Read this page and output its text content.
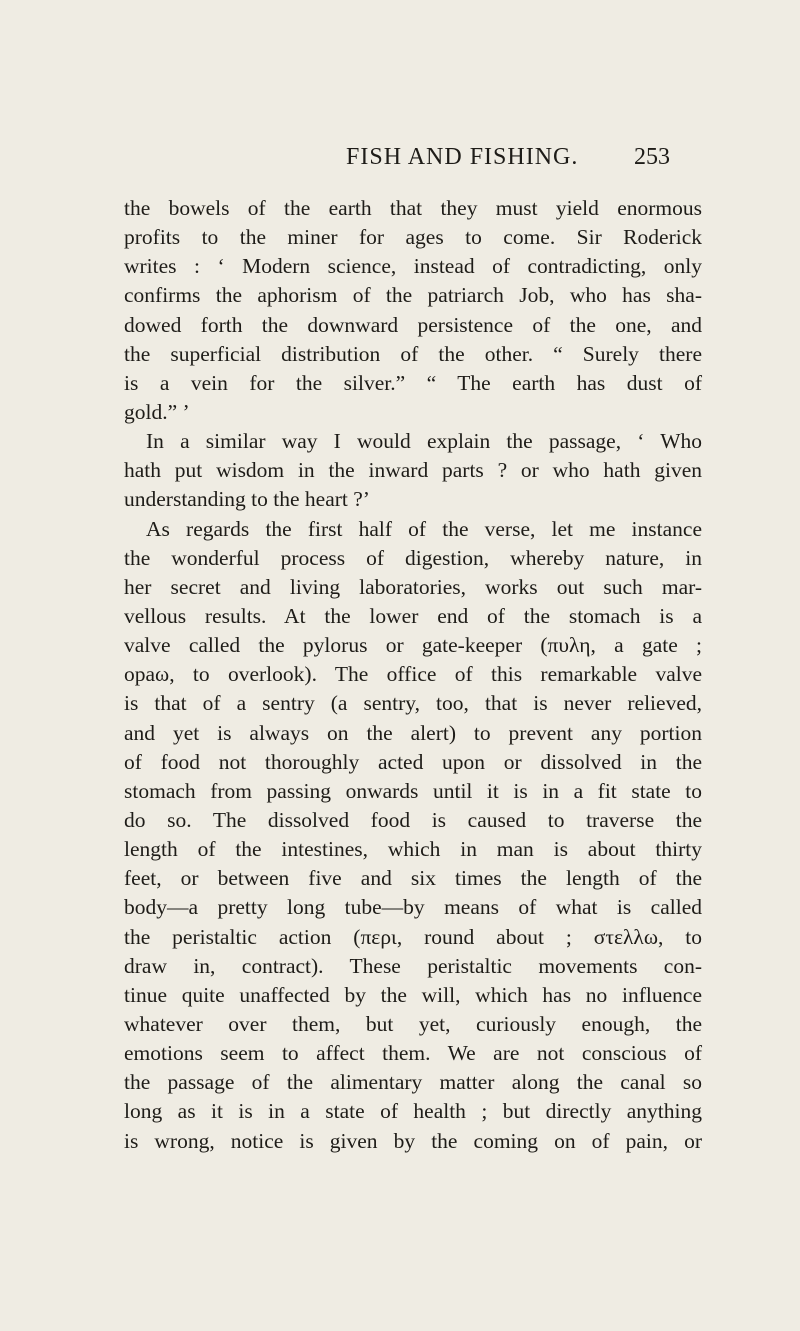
FISH AND FISHING. 253
the bowels of the earth that they must yield enormous
profits to the miner for ages to come. Sir Roderick
writes : ‘ Modern science, instead of contradicting, only
confirms the aphorism of the patriarch Job, who has sha-
dowed forth the downward persistence of the one, and
the superficial distribution of the other. “ Surely there
is a vein for the silver.” “ The earth has dust of
gold.” ’
In a similar way I would explain the passage, ‘ Who
hath put wisdom in the inward parts ? or who hath given
understanding to the heart ?’
As regards the first half of the verse, let me instance
the wonderful process of digestion, whereby nature, in
her secret and living laboratories, works out such mar-
vellous results. At the lower end of the stomach is a
valve called the pylorus or gate-keeper (πυλη, a gate ;
opaω, to overlook). The office of this remarkable valve
is that of a sentry (a sentry, too, that is never relieved,
and yet is always on the alert) to prevent any portion
of food not thoroughly acted upon or dissolved in the
stomach from passing onwards until it is in a fit state to
do so. The dissolved food is caused to traverse the
length of the intestines, which in man is about thirty
feet, or between five and six times the length of the
body—a pretty long tube—by means of what is called
the peristaltic action (περι, round about ; στελλω, to
draw in, contract). These peristaltic movements con-
tinue quite unaffected by the will, which has no influence
whatever over them, but yet, curiously enough, the
emotions seem to affect them. We are not conscious of
the passage of the alimentary matter along the canal so
long as it is in a state of health ; but directly anything
is wrong, notice is given by the coming on of pain, or
